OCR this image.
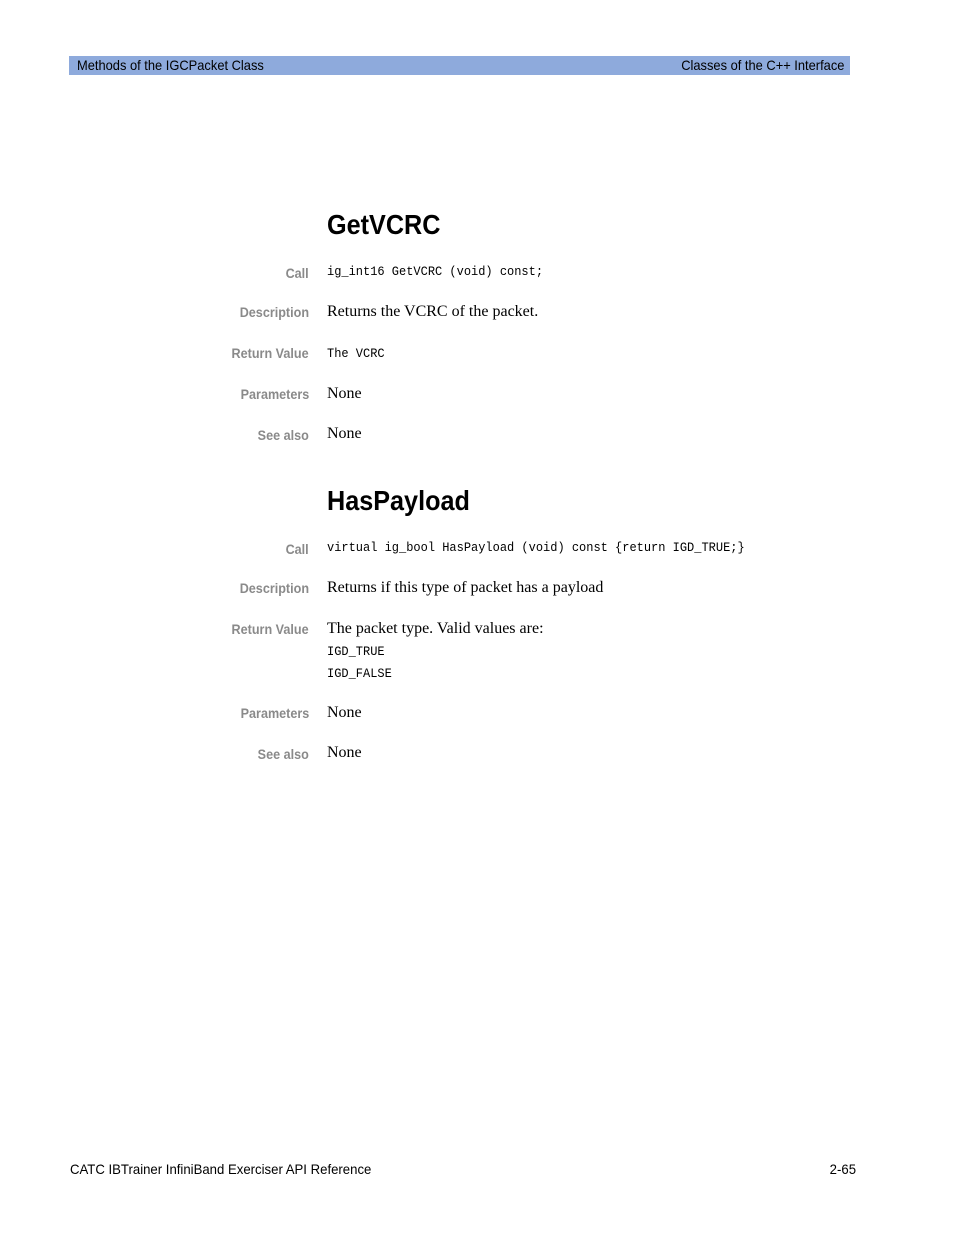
Methods of the IGCPacket Class	Classes of the C++ Interface
GetVCRC
Call ig_int16 GetVCRC (void) const;
Description Returns the VCRC of the packet.
Return Value The VCRC
Parameters None
See also None
HasPayload
Call virtual ig_bool HasPayload (void) const {return IGD_TRUE;}
Description Returns if this type of packet has a payload
Return Value The packet type. Valid values are:
IGD_TRUE
IGD_FALSE
Parameters None
See also None
CATC IBTrainer InfiniBand Exerciser API Reference	2-65
